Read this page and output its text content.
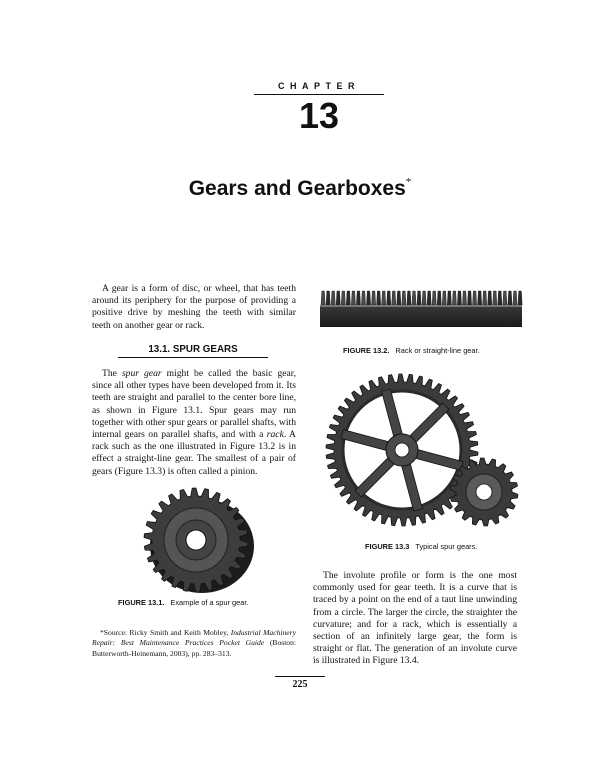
CHAPTER
13
Gears and Gearboxes*

A gear is a form of disc, or wheel, that has teeth around its periphery for the purpose of providing a positive drive by meshing the teeth with similar teeth on another gear or rack.

13.1. SPUR GEARS

The spur gear might be called the basic gear, since all other types have been developed from it. Its teeth are straight and parallel to the center bore line, as shown in Figure 13.1. Spur gears may run together with other spur gears or parallel shafts, with internal gears on parallel shafts, and with a rack. A rack such as the one illustrated in Figure 13.2 is in effect a straight-line gear. The smallest of a pair of gears (Figure 13.3) is often called a pinion.

FIGURE 13.2. Rack or straight-line gear.
FIGURE 13.3 Typical spur gears.
FIGURE 13.1. Example of a spur gear.
*Source: Ricky Smith and Keith Mobley, Industrial Machinery Repair: Best Maintenance Practices Pocket Guide (Boston: Butterworth-Heinemann, 2003), pp. 283–313.

The involute profile or form is the one most commonly used for gear teeth. It is a curve that is traced by a point on the end of a taut line unwinding from a circle. The larger the circle, the straighter the curvature; and for a rack, which is essentially a section of an infinitely large gear, the form is straight or flat. The generation of an involute curve is illustrated in Figure 13.4.

225
